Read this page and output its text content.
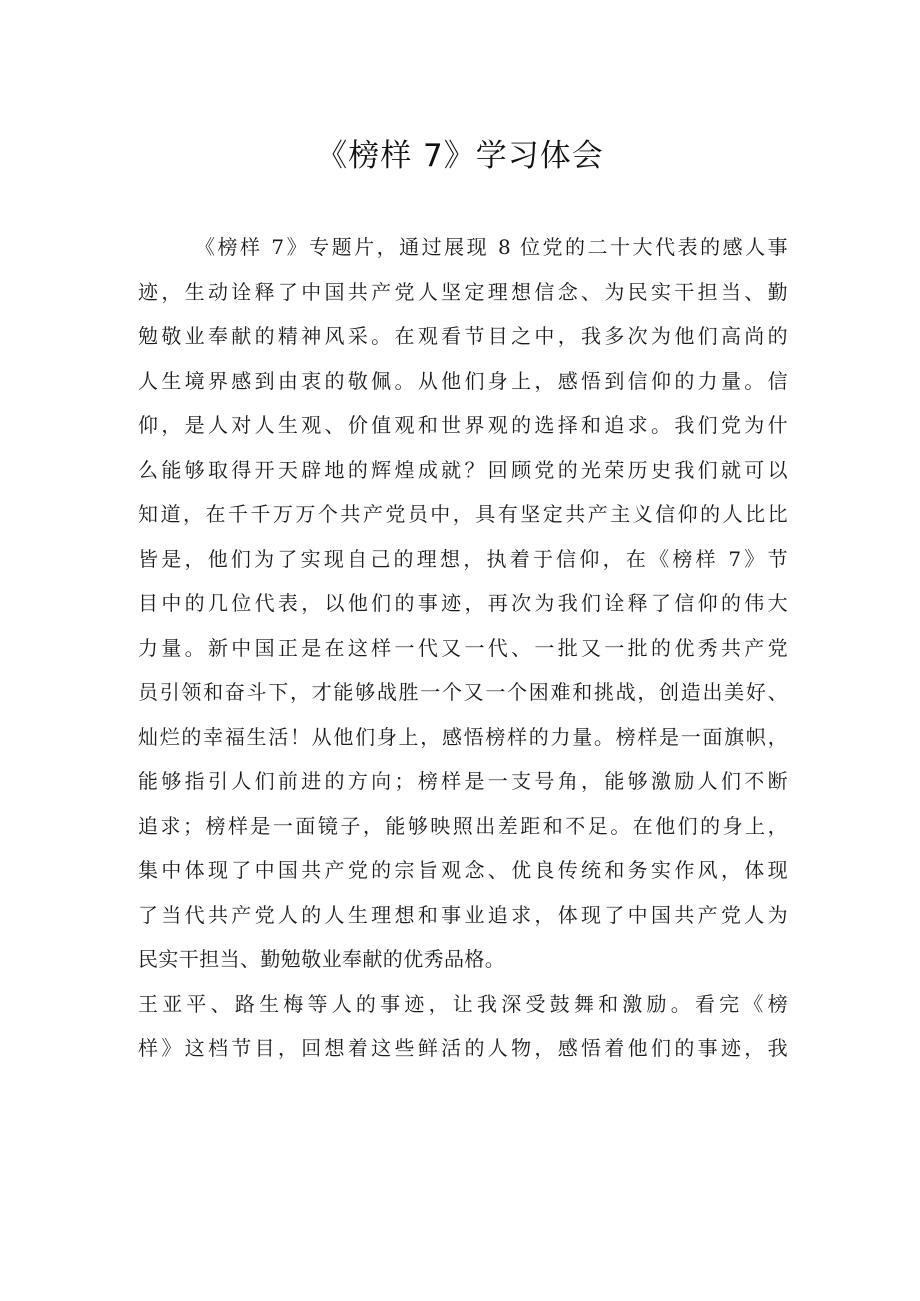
《榜样 7》学习体会
《榜样 7》专题片，通过展现 8 位党的二十大代表的感人事
迹，生动诠释了中国共产党人坚定理想信念、为民实干担当、勤
勉敬业奉献的精神风采。在观看节目之中，我多次为他们高尚的
人生境界感到由衷的敬佩。从他们身上，感悟到信仰的力量。信
仰，是人对人生观、价值观和世界观的选择和追求。我们党为什
么能够取得开天辟地的辉煌成就？回顾党的光荣历史我们就可以
知道，在千千万万个共产党员中，具有坚定共产主义信仰的人比比
皆是，他们为了实现自己的理想，执着于信仰，在《榜样 7》节
目中的几位代表，以他们的事迹，再次为我们诠释了信仰的伟大
力量。新中国正是在这样一代又一代、一批又一批的优秀共产党
员引领和奋斗下，才能够战胜一个又一个困难和挑战，创造出美好、
灿烂的幸福生活！从他们身上，感悟榜样的力量。榜样是一面旗帜，
能够指引人们前进的方向；榜样是一支号角，能够激励人们不断
追求；榜样是一面镜子，能够映照出差距和不足。在他们的身上，
集中体现了中国共产党的宗旨观念、优良传统和务实作风，体现
了当代共产党人的人生理想和事业追求，体现了中国共产党人为
民实干担当、勤勉敬业奉献的优秀品格。
王亚平、路生梅等人的事迹，让我深受鼓舞和激励。看完《榜
样》这档节目，回想着这些鲜活的人物，感悟着他们的事迹，我
